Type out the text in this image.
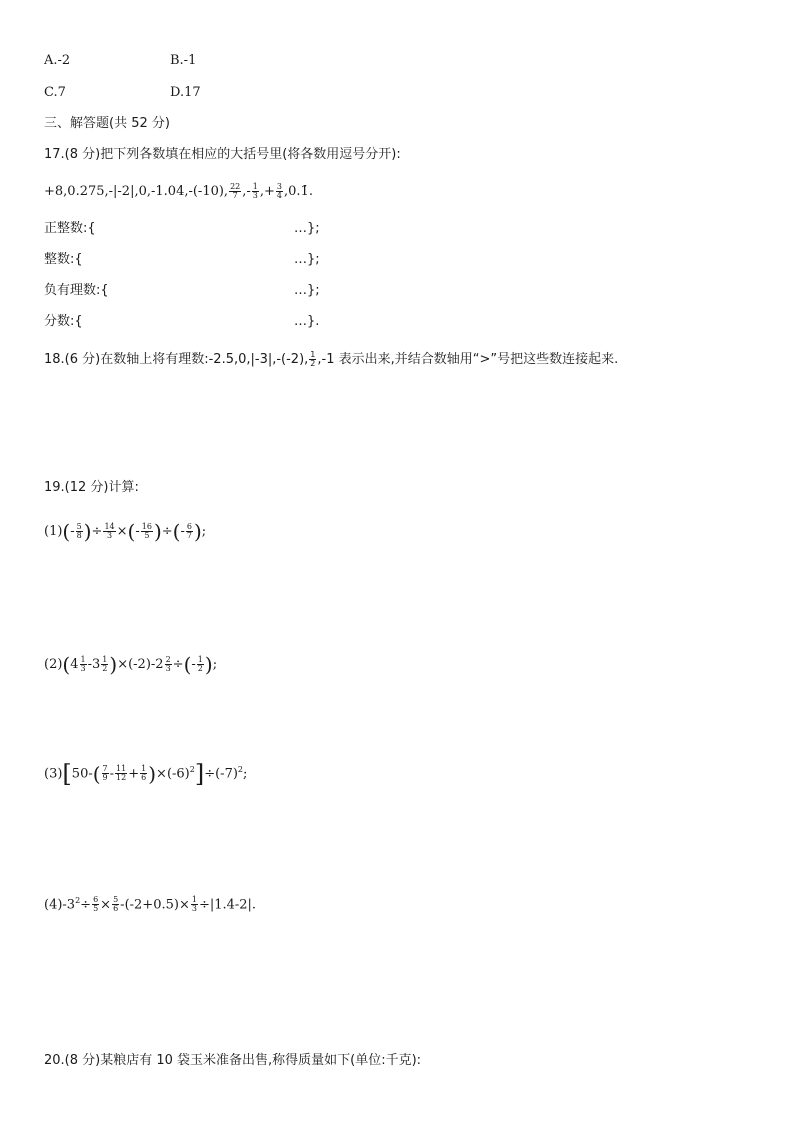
A.-2	B.-1
C.7	D.17
三、解答题(共 52 分)
17.(8 分)把下列各数填在相应的大括号里(将各数用逗号分开):
+8,0.275,-|-2|,0,-1.04,-(-10), $\frac{22}{7}$ ,- $\frac{1}{3}$ ,+ $\frac{3}{4}$ ,0.1̇.
正整数:{	…};
整数:{	…};
负有理数:{	…};
分数:{	…}.
18.(6 分)在数轴上将有理数:-2.5,0,|-3|,-(-2), $\frac{1}{2} ,-1$ 表示出来,并结合数轴用“>”号把这些数连接起来.
19.(12 分)计算:
$(1)(- \frac{5}{8}$ )÷ $\frac{14}{3}$ ×(- $\frac{16}{5}$ )÷(- $\frac{6}{7}$ );
$(2)(4 \frac{1}{3} -3 \frac{1}{2} )\times(-2)-2 \frac{2}{3}$ ÷(- $\frac{1}{2}$ );
$(3)[50-( \frac{7}{9} - \frac{11}{12} + \frac{1}{6} )\times(-6)^2]\div(-7)^2$;
$(4)-3^2\div \frac{6}{5} \times \frac{5}{6} -(-2+0.5)\times \frac{1}{3} \div|1.4-2|$.
20.(8 分)某粮店有 10 袋玉米准备出售,称得质量如下(单位:千克):
